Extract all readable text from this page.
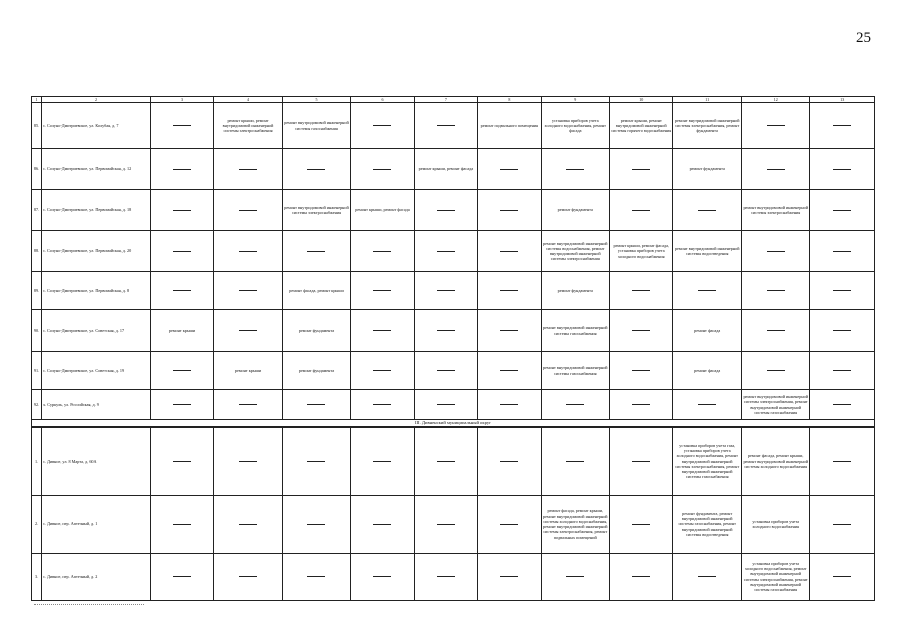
25
1	2	3	4	5	6	7	8	9	10	11	12	13
85.	с. Солуно-Дмитриевское, ул. Колубая, д. 7		ремонт крыши, ремонт внутридомовой инженерной системы электроснабжения	ремонт внутридомовой инженерной системы газоснабжения			ремонт подвального помещения	установка приборов учета холодного водоснабжения, ремонт фасада	ремонт крыши, ремонт внутридомовой инженерной системы горячего водоснабжения	ремонт внутридомовой инженерной системы электроснабжения, ремонт фундамента		
86.	с. Солуно-Дмитриевское, ул. Первомайская, д. 12					ремонт крыши, ремонт фасада				ремонт фундамента		
87.	с. Солуно-Дмитриевское, ул. Первомайская, д. 18			ремонт внутридомовой инженерной системы электроснабжения	ремонт крыши, ремонт фасада			ремонт фундамента			ремонт внутридомовой инженерной системы электроснабжения	
88.	с. Солуно-Дмитриевское, ул. Первомайская, д. 20							ремонт внутридомовой инженерной системы водоснабжения, ремонт внутридомовой инженерной системы электроснабжения	ремонт крыши, ремонт фасада, установка приборов учета холодного водоснабжения	ремонт внутридомовой инженерной системы водоотведения		
89.	с. Солуно-Дмитриевское, ул. Первомайская, д. 8			ремонт фасада, ремонт крыши				ремонт фундамента				
90.	с. Солуно-Дмитриевское, ул. Советская, д. 17	ремонт крыши		ремонт фундамента				ремонт внутридомовой инженерной системы газоснабжения		ремонт фасада		
91.	с. Солуно-Дмитриевское, ул. Советская, д. 19		ремонт крыши	ремонт фундамента				ремонт внутридомовой инженерной системы газоснабжения		ремонт фасада		
92.	х. Суркуль, ул. Российская, д. 9										ремонт внутридомовой инженерной системы электроснабжения, ремонт внутридомовой инженерной системы газоснабжения	
III. Дивненский муниципальный округ												
1.	с. Дивное, ул. 8 Марта, д. 60А									установка приборов учета газа, установка приборов учета холодного водоснабжения, ремонт внутридомовой инженерной системы электроснабжения, ремонт внутридомовой инженерной системы газоснабжения	ремонт фасада, ремонт крыши, ремонт внутридомовой инженерной системы холодного водоснабжения	
2.	с. Дивное, пер. Аптечный, д. 1							ремонт фасада, ремонт крыши, ремонт внутридомовой инженерной системы холодного водоснабжения, ремонт внутридомовой инженерной системы электроснабжения, ремонт подвальных помещений		ремонт фундамента, ремонт внутридомовой инженерной системы газоснабжения, ремонт внутридомовой инженерной системы водоотведения	установка приборов учета холодного водоснабжения	
3.	с. Дивное, пер. Аптечный, д. 2										установка приборов учета холодного водоснабжения, ремонт внутридомовой инженерной системы электроснабжения, ремонт внутридомовой инженерной системы газоснабжения	
